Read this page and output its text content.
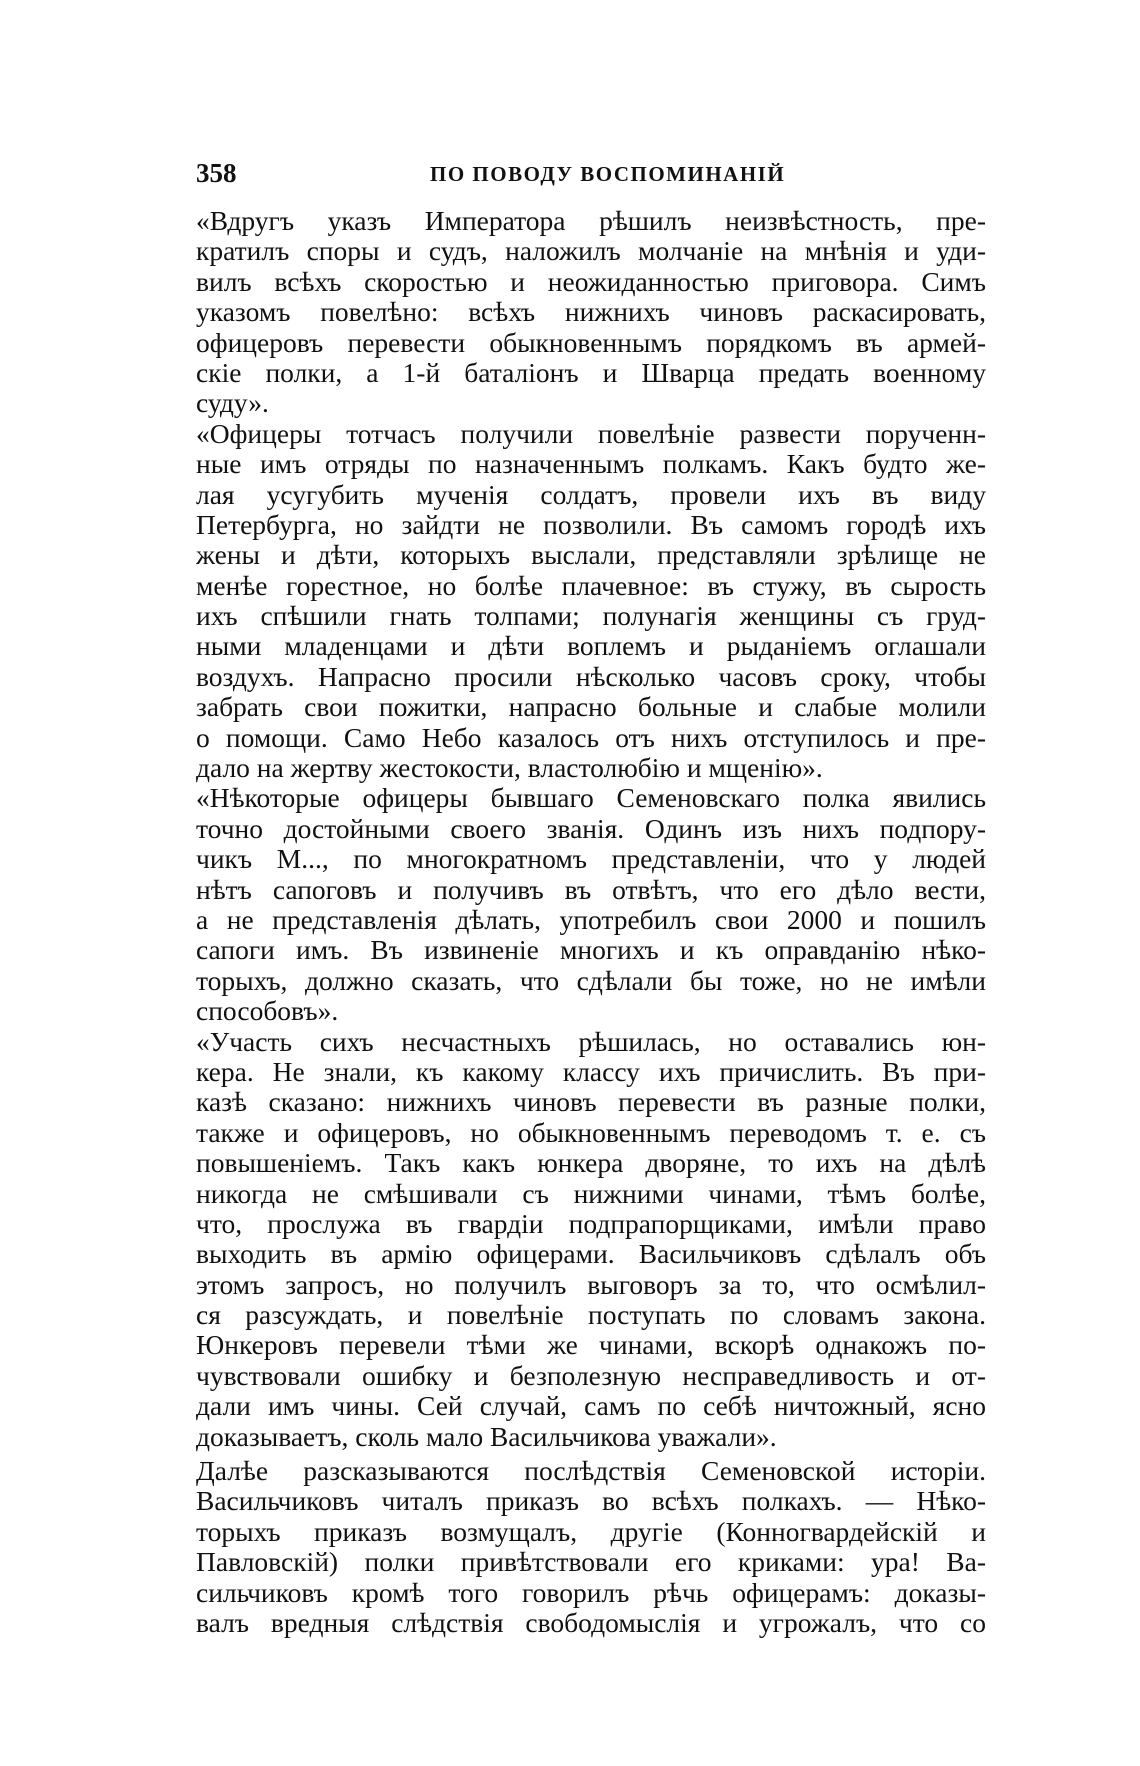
358	ПО ПОВОДУ ВОСПОМИНАНIЙ
«Вдругъ указъ Императора рѣшилъ неизвѣстность, пре-
кратилъ споры и судъ, наложилъ молчанiе на мнѣнiя и уди-
вилъ всѣхъ скоростью и неожиданностью приговора. Симъ
указомъ повелѣно: всѣхъ нижнихъ чиновъ раскасировать,
офицеровъ перевести обыкновеннымъ порядкомъ въ армей-
скiе полки, а 1-й баталiонъ и Шварца предать военному
суду».
«Офицеры тотчасъ получили повелѣнiе развести порученн-
ные имъ отряды по назначеннымъ полкамъ. Какъ будто же-
лая усугубить мученiя солдатъ, провели ихъ въ виду
Петербурга, но зайдти не позволили. Въ самомъ городѣ ихъ
жены и дѣти, которыхъ выслали, представляли зрѣлище не
менѣе горестное, но болѣе плачевное: въ стужу, въ сырость
ихъ спѣшили гнать толпами; полунагiя женщины съ груд-
ными младенцами и дѣти воплемъ и рыданiемъ оглашали
воздухъ. Напрасно просили нѣсколько часовъ сроку, чтобы
забрать свои пожитки, напрасно больные и слабые молили
о помощи. Само Небо казалось отъ нихъ отступилось и пре-
дало на жертву жестокости, властолюбiю и мщенiю».
«Нѣкоторые офицеры бывшаго Семеновскаго полка явились
точно достойными своего званiя. Одинъ изъ нихъ подпору-
чикъ М..., по многократномъ представленiи, что у людей
нѣтъ сапоговъ и получивъ въ отвѣтъ, что его дѣло вести,
а не представленiя дѣлать, употребилъ свои 2000 и пошилъ
сапоги имъ. Въ извиненiе многихъ и къ оправданiю нѣко-
торыхъ, должно сказать, что сдѣлали бы тоже, но не имѣли
способовъ».
«Участь сихъ несчастныхъ рѣшилась, но оставались юн-
кера. Не знали, къ какому классу ихъ причислить. Въ при-
казѣ сказано: нижнихъ чиновъ перевести въ разные полки,
также и офицеровъ, но обыкновеннымъ переводомъ т. е. съ
повышенiемъ. Такъ какъ юнкера дворяне, то ихъ на дѣлѣ
никогда не смѣшивали съ нижними чинами, тѣмъ болѣе,
что, прослужа въ гвардiи подпрапорщиками, имѣли право
выходить въ армiю офицерами. Васильчиковъ сдѣлалъ объ
этомъ запросъ, но получилъ выговоръ за то, что осмѣлил-
ся разсуждать, и повелѣнiе поступать по словамъ закона.
Юнкеровъ перевели тѣми же чинами, вскорѣ однакожъ по-
чувствовали ошибку и безполезную несправедливость и от-
дали имъ чины. Сей случай, самъ по себѣ ничтожный, ясно
доказываетъ, сколь мало Васильчикова уважали».
Далѣе разсказываются послѣдствiя Семеновской исторiи.
Васильчиковъ читалъ приказъ во всѣхъ полкахъ. — Нѣко-
торыхъ приказъ возмущалъ, другiе (Конногвардейскiй и
Павловскiй) полки привѣтствовали его криками: ура! Ва-
сильчиковъ кромѣ того говорилъ рѣчь офицерамъ: доказы-
валъ вредныя слѣдствiя свободомыслiя и угрожалъ, что со
